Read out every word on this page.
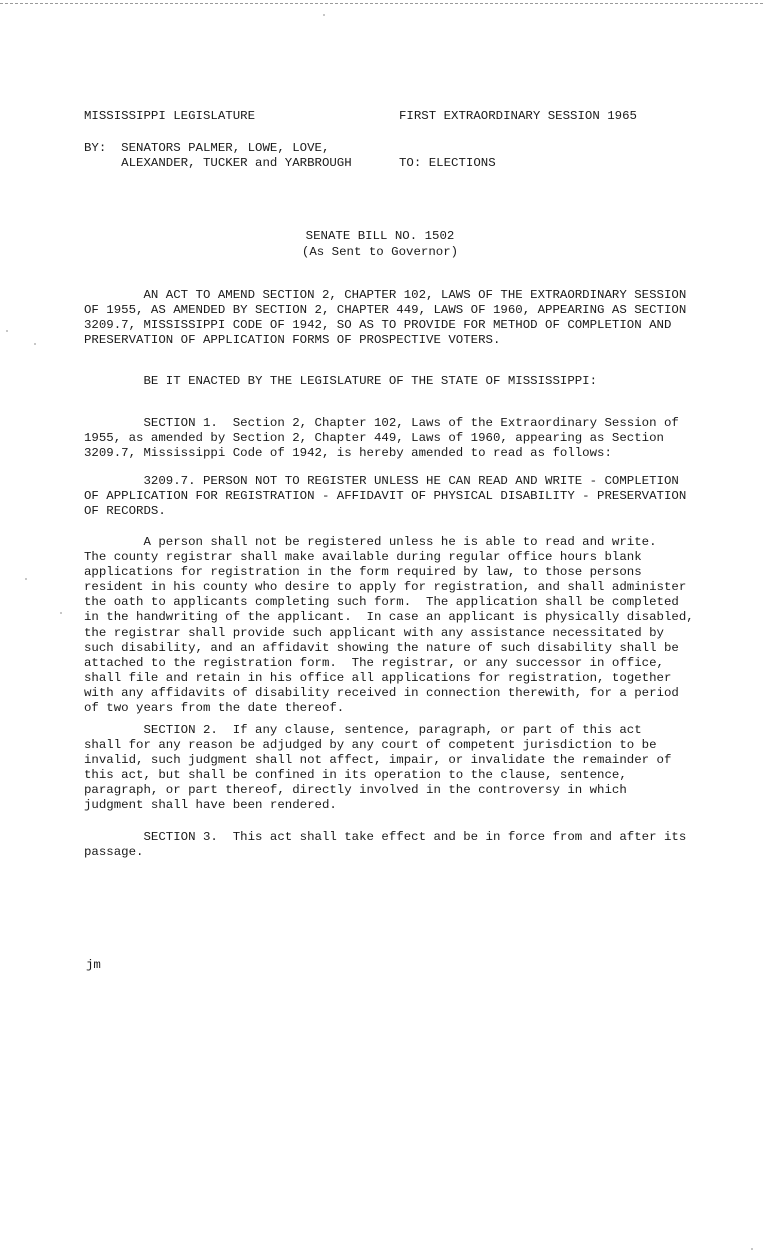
MISSISSIPPI LEGISLATURE	FIRST EXTRAORDINARY SESSION 1965
BY:  SENATORS PALMER, LOWE, LOVE,
ALEXANDER, TUCKER and YARBROUGH	TO: ELECTIONS
SENATE BILL NO. 1502
(As Sent to Governor)
AN ACT TO AMEND SECTION 2, CHAPTER 102, LAWS OF THE EXTRAORDINARY SESSION
OF 1955, AS AMENDED BY SECTION 2, CHAPTER 449, LAWS OF 1960, APPEARING AS SECTION
3209.7, MISSISSIPPI CODE OF 1942, SO AS TO PROVIDE FOR METHOD OF COMPLETION AND
PRESERVATION OF APPLICATION FORMS OF PROSPECTIVE VOTERS.
BE IT ENACTED BY THE LEGISLATURE OF THE STATE OF MISSISSIPPI:
SECTION 1.  Section 2, Chapter 102, Laws of the Extraordinary Session of
1955, as amended by Section 2, Chapter 449, Laws of 1960, appearing as Section
3209.7, Mississippi Code of 1942, is hereby amended to read as follows:
3209.7. PERSON NOT TO REGISTER UNLESS HE CAN READ AND WRITE - COMPLETION
OF APPLICATION FOR REGISTRATION - AFFIDAVIT OF PHYSICAL DISABILITY - PRESERVATION
OF RECORDS.
A person shall not be registered unless he is able to read and write.
The county registrar shall make available during regular office hours blank
applications for registration in the form required by law, to those persons
resident in his county who desire to apply for registration, and shall administer
the oath to applicants completing such form.  The application shall be completed
in the handwriting of the applicant.  In case an applicant is physically disabled,
the registrar shall provide such applicant with any assistance necessitated by
such disability, and an affidavit showing the nature of such disability shall be
attached to the registration form.  The registrar, or any successor in office,
shall file and retain in his office all applications for registration, together
with any affidavits of disability received in connection therewith, for a period
of two years from the date thereof.
SECTION 2.  If any clause, sentence, paragraph, or part of this act
shall for any reason be adjudged by any court of competent jurisdiction to be
invalid, such judgment shall not affect, impair, or invalidate the remainder of
this act, but shall be confined in its operation to the clause, sentence,
paragraph, or part thereof, directly involved in the controversy in which
judgment shall have been rendered.
SECTION 3.  This act shall take effect and be in force from and after its
passage.
jm
